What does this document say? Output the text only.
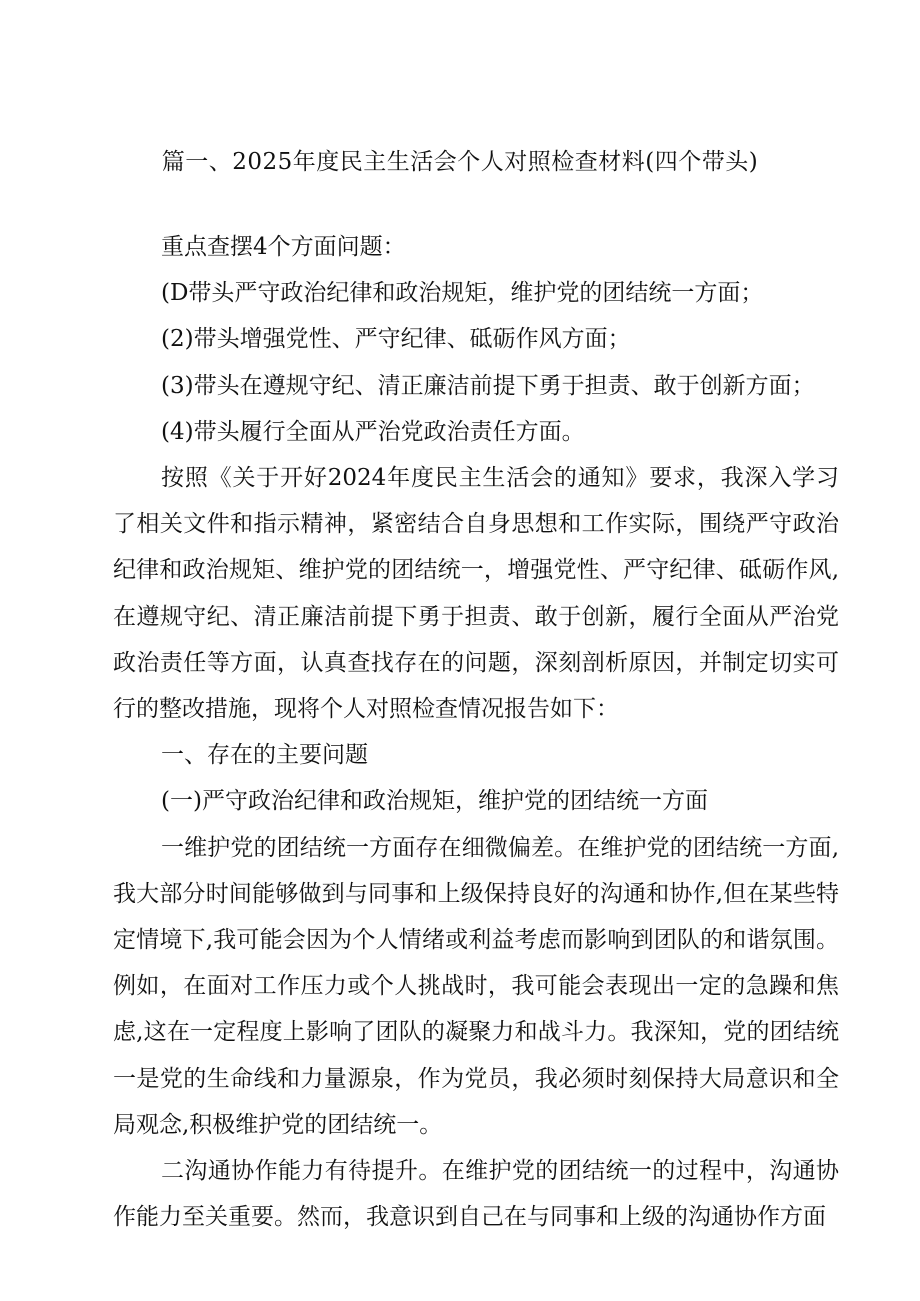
篇一、2025年度民主生活会个人对照检查材料(四个带头)

重点查摆4个方面问题：

(D带头严守政治纪律和政治规矩，维护党的团结统一方面；

(2)带头增强党性、严守纪律、砥砺作风方面；

(3)带头在遵规守纪、清正廉洁前提下勇于担责、敢于创新方面；

(4)带头履行全面从严治党政治责任方面。

按照《关于开好2024年度民主生活会的通知》要求，我深入学习了相关文件和指示精神，紧密结合自身思想和工作实际，围绕严守政治纪律和政治规矩、维护党的团结统一，增强党性、严守纪律、砥砺作风,在遵规守纪、清正廉洁前提下勇于担责、敢于创新，履行全面从严治党政治责任等方面，认真查找存在的问题，深刻剖析原因，并制定切实可行的整改措施，现将个人对照检查情况报告如下：

一、存在的主要问题

(一)严守政治纪律和政治规矩，维护党的团结统一方面

一维护党的团结统一方面存在细微偏差。在维护党的团结统一方面,我大部分时间能够做到与同事和上级保持良好的沟通和协作,但在某些特定情境下,我可能会因为个人情绪或利益考虑而影响到团队的和谐氛围。例如，在面对工作压力或个人挑战时，我可能会表现出一定的急躁和焦虑,这在一定程度上影响了团队的凝聚力和战斗力。我深知，党的团结统一是党的生命线和力量源泉，作为党员，我必须时刻保持大局意识和全局观念,积极维护党的团结统一。

二沟通协作能力有待提升。在维护党的团结统一的过程中，沟通协作能力至关重要。然而，我意识到自己在与同事和上级的沟通协作方面
